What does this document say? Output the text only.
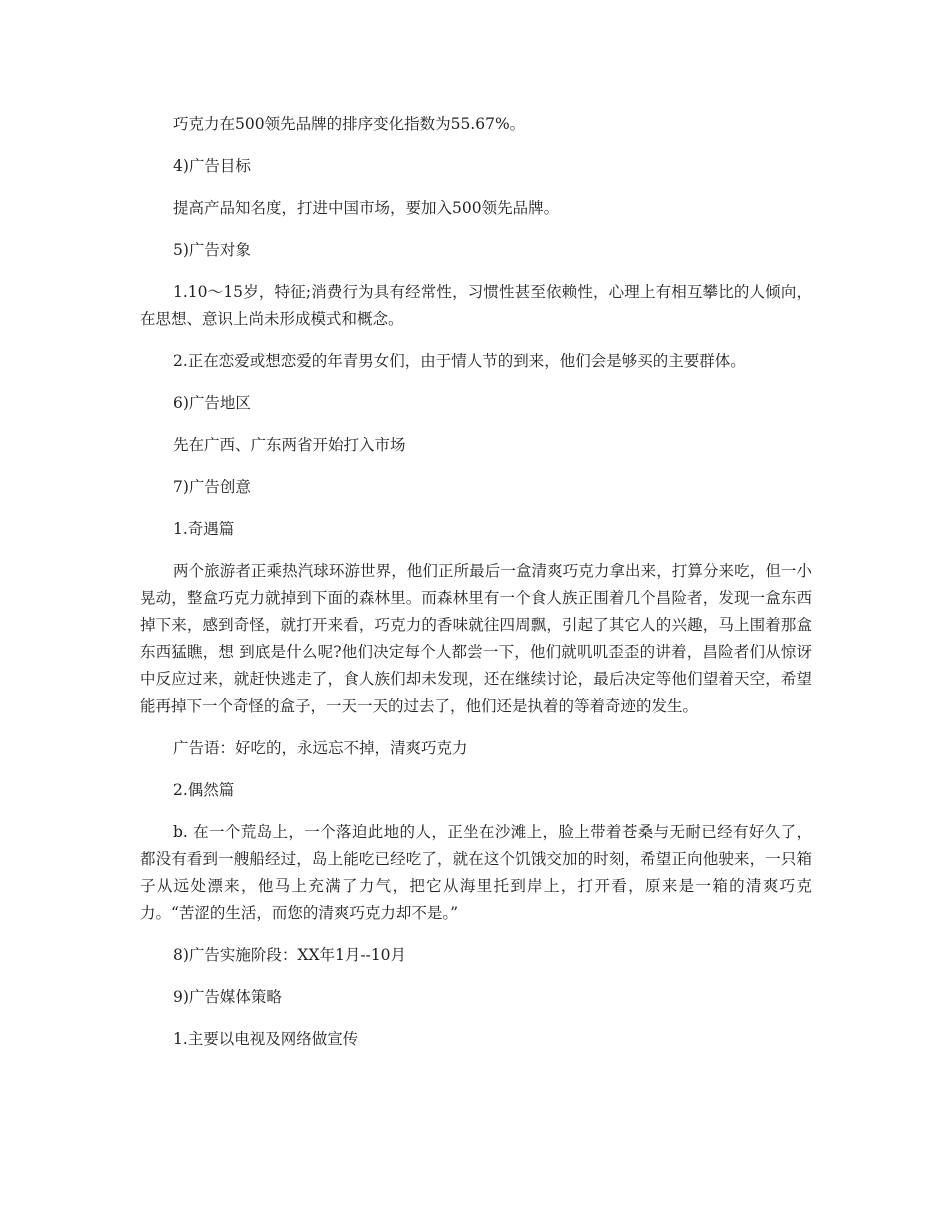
巧克力在500领先品牌的排序变化指数为55.67%。

4)广告目标

提高产品知名度，打进中国市场，要加入500领先品牌。

5)广告对象

1.10～15岁，特征;消费行为具有经常性，习惯性甚至依赖性，心理上有相互攀比的人倾向，在思想、意识上尚未形成模式和概念。

2.正在恋爱或想恋爱的年青男女们，由于情人节的到来，他们会是够买的主要群体。

6)广告地区

先在广西、广东两省开始打入市场

7)广告创意

1.奇遇篇

两个旅游者正乘热汽球环游世界，他们正所最后一盒清爽巧克力拿出来，打算分来吃，但一小晃动，整盒巧克力就掉到下面的森林里。而森林里有一个食人族正围着几个昌险者，发现一盒东西掉下来，感到奇怪，就打开来看，巧克力的香味就往四周飘，引起了其它人的兴趣，马上围着那盒东西猛瞧，想 到底是什么呢?他们决定每个人都尝一下，他们就叽叽歪歪的讲着，昌险者们从惊讶中反应过来，就赶快逃走了，食人族们却未发现，还在继续讨论，最后决定等他们望着天空，希望能再掉下一个奇怪的盒子，一天一天的过去了，他们还是执着的等着奇迹的发生。

广告语：好吃的，永远忘不掉，清爽巧克力

2.偶然篇

b. 在一个荒岛上，一个落迫此地的人，正坐在沙滩上，脸上带着苍桑与无耐已经有好久了，都没有看到一艘船经过，岛上能吃已经吃了，就在这个饥饿交加的时刻，希望正向他驶来，一只箱子从远处漂来，他马上充满了力气，把它从海里托到岸上，打开看，原来是一箱的清爽巧克力。“苦涩的生活，而您的清爽巧克力却不是。”

8)广告实施阶段：XX年1月--10月

9)广告媒体策略

1.主要以电视及网络做宣传
